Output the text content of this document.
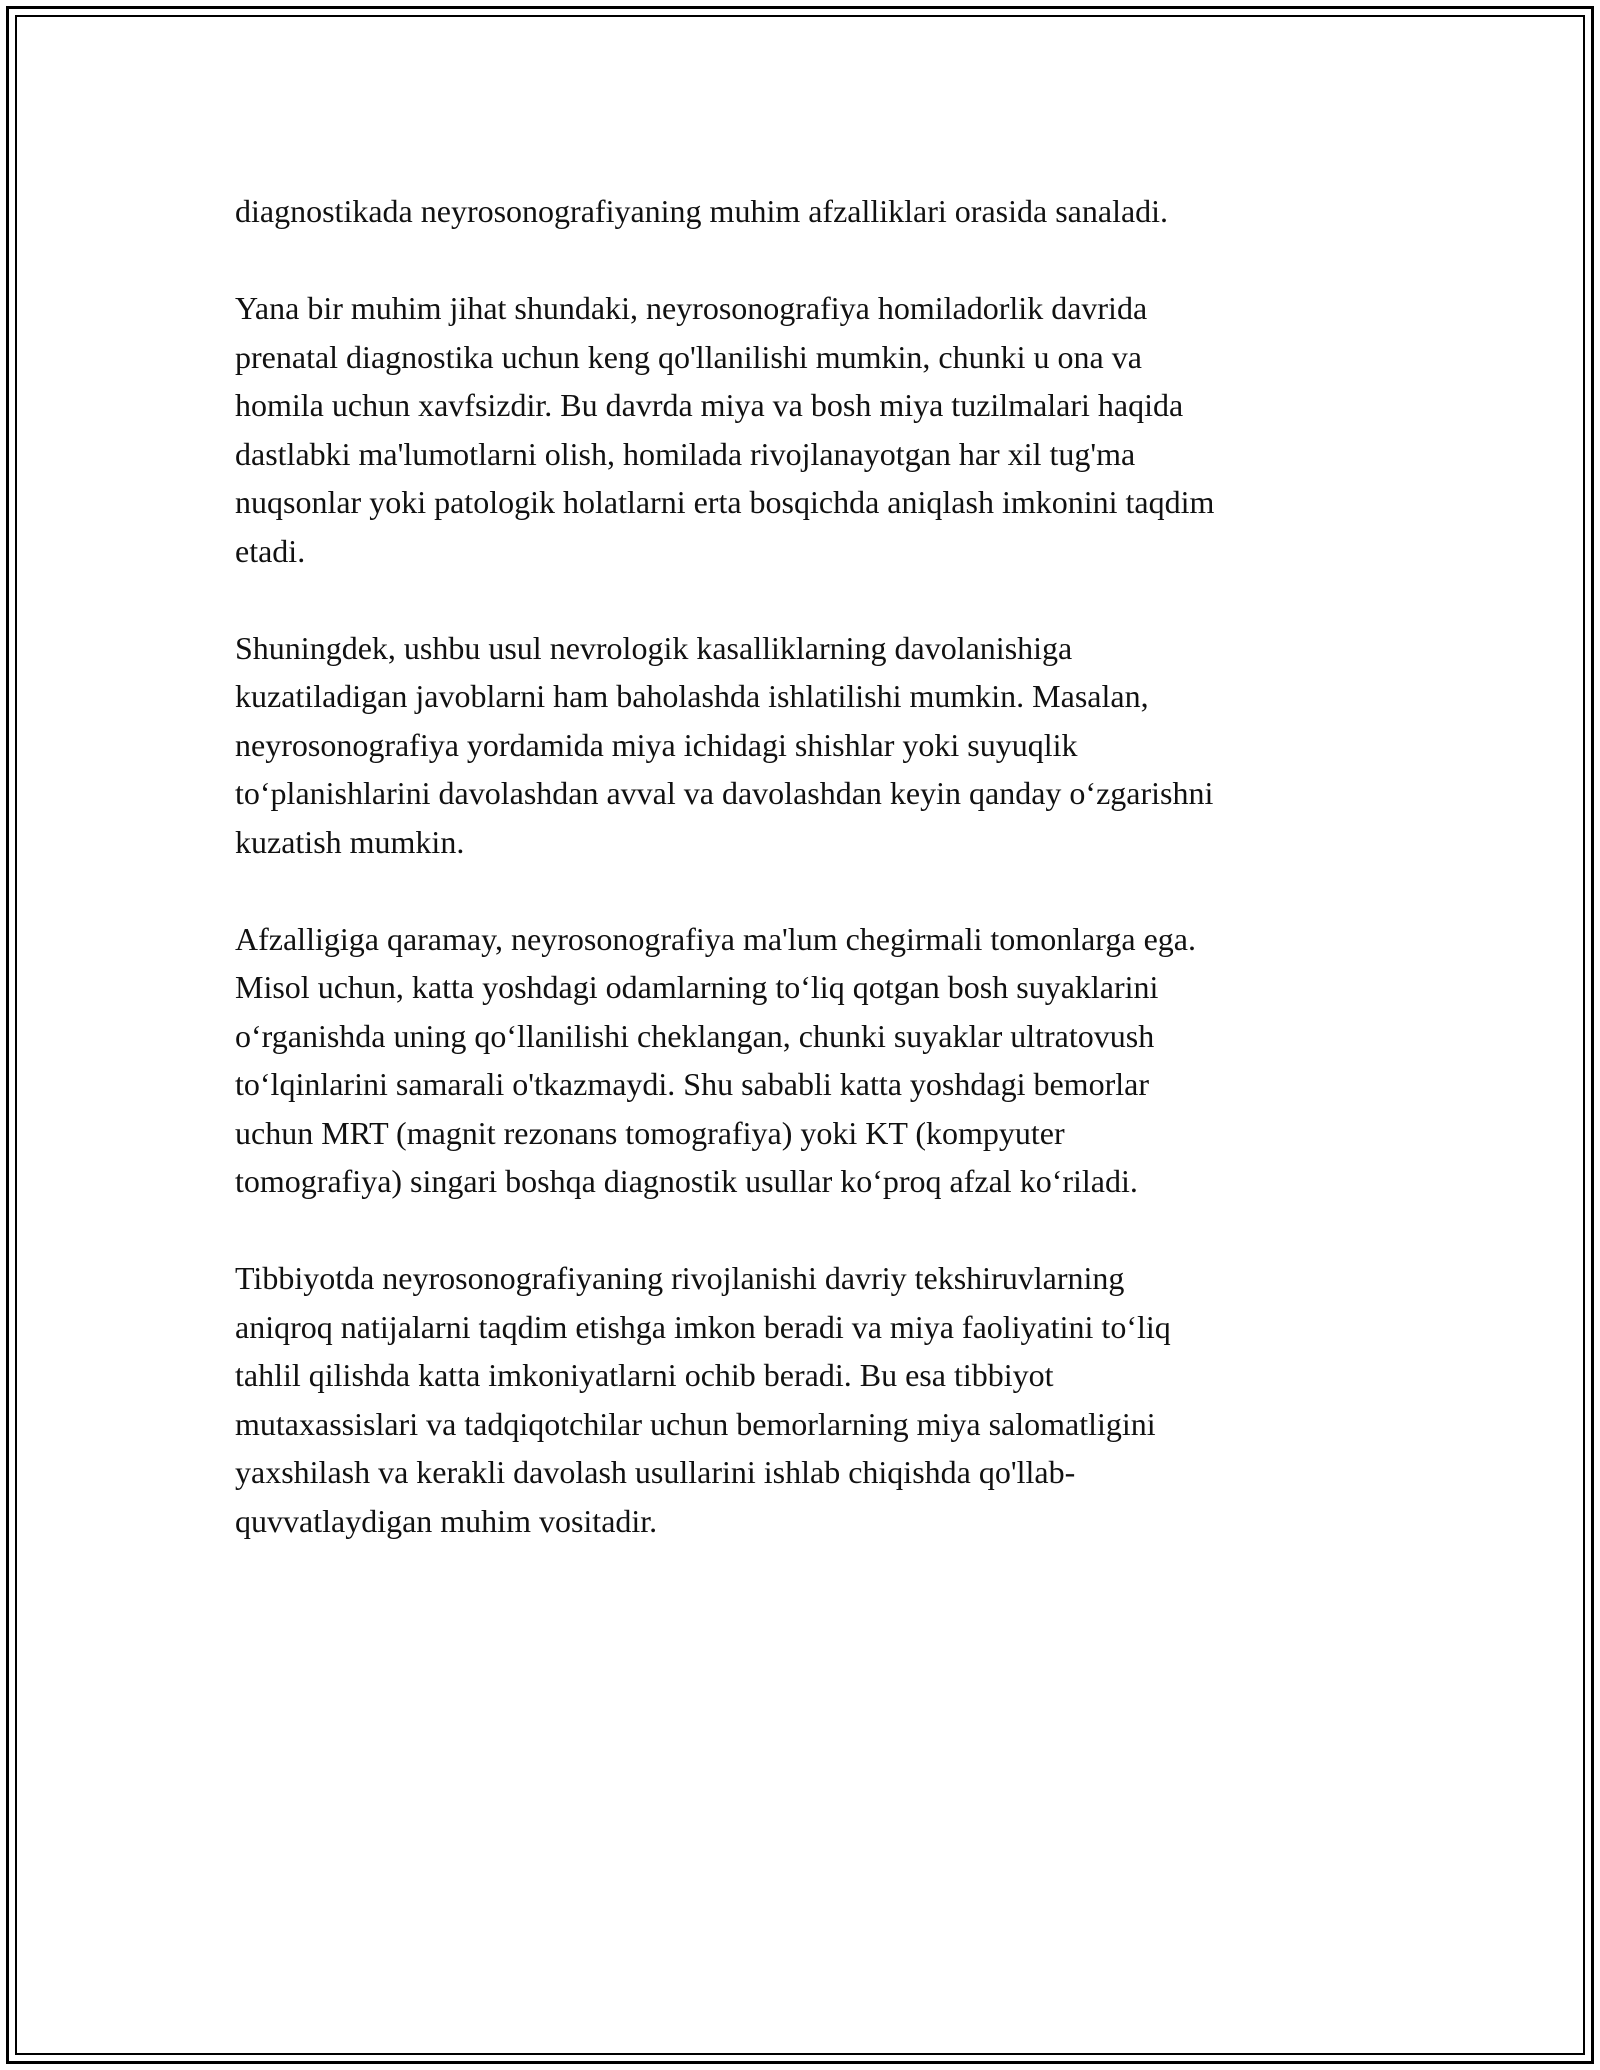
diagnostikada neyrosonografiyaning muhim afzalliklari orasida sanaladi.

Yana bir muhim jihat shundaki, neyrosonografiya homiladorlik davrida
prenatal diagnostika uchun keng qo'llanilishi mumkin, chunki u ona va
homila uchun xavfsizdir. Bu davrda miya va bosh miya tuzilmalari haqida
dastlabki ma'lumotlarni olish, homilada rivojlanayotgan har xil tug'ma
nuqsonlar yoki patologik holatlarni erta bosqichda aniqlash imkonini taqdim
etadi.

Shuningdek, ushbu usul nevrologik kasalliklarning davolanishiga
kuzatiladigan javoblarni ham baholashda ishlatilishi mumkin. Masalan,
neyrosonografiya yordamida miya ichidagi shishlar yoki suyuqlik
to‘planishlarini davolashdan avval va davolashdan keyin qanday o‘zgarishni
kuzatish mumkin.

Afzalligiga qaramay, neyrosonografiya ma'lum chegirmali tomonlarga ega.
Misol uchun, katta yoshdagi odamlarning to‘liq qotgan bosh suyaklarini
o‘rganishda uning qo‘llanilishi cheklangan, chunki suyaklar ultratovush
to‘lqinlarini samarali o'tkazmaydi. Shu sababli katta yoshdagi bemorlar
uchun MRT (magnit rezonans tomografiya) yoki KT (kompyuter
tomografiya) singari boshqa diagnostik usullar ko‘proq afzal ko‘riladi.

Tibbiyotda neyrosonografiyaning rivojlanishi davriy tekshiruvlarning
aniqroq natijalarni taqdim etishga imkon beradi va miya faoliyatini to‘liq
tahlil qilishda katta imkoniyatlarni ochib beradi. Bu esa tibbiyot
mutaxassislari va tadqiqotchilar uchun bemorlarning miya salomatligini
yaxshilash va kerakli davolash usullarini ishlab chiqishda qo'llab-
quvvatlaydigan muhim vositadir.
